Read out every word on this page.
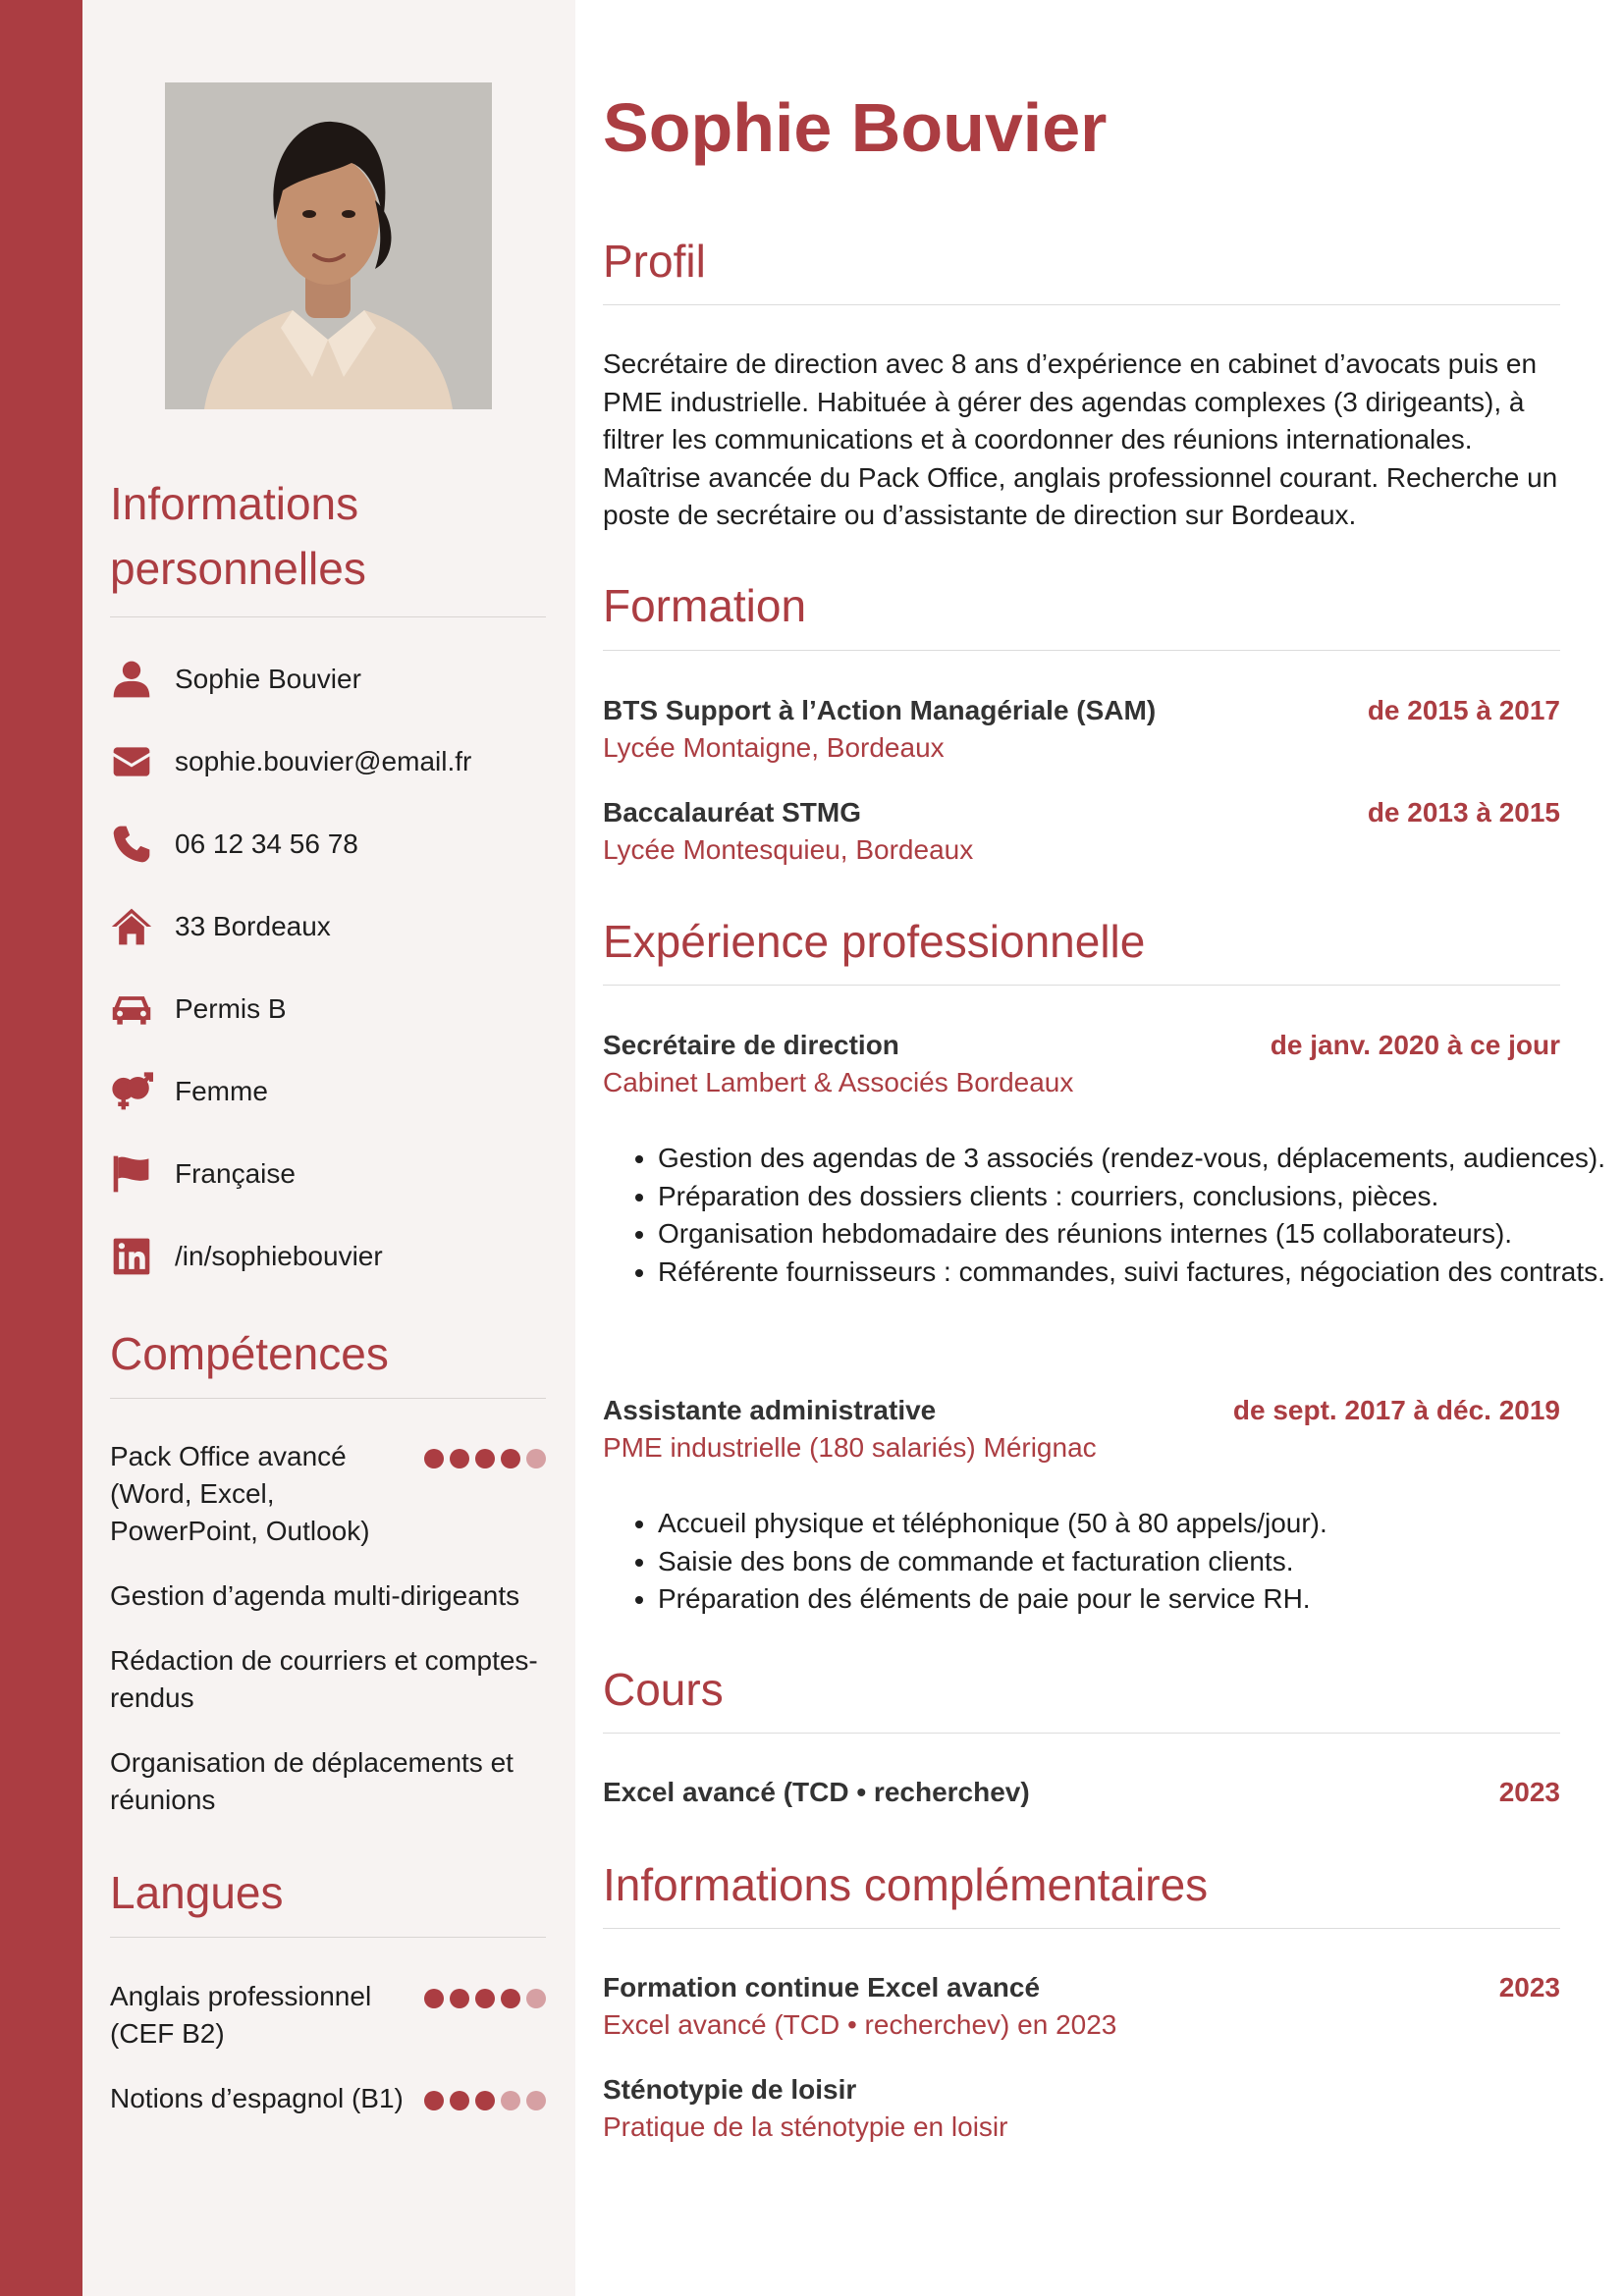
Informations personnelles
Sophie Bouvier
sophie.bouvier@email.fr
06 12 34 56 78
33 Bordeaux
Permis B
Femme
Française
/in/sophiebouvier
Compétences
Pack Office avancé (Word, Excel, PowerPoint, Outlook)
Gestion d’agenda multi-dirigeants
Rédaction de courriers et comptes-rendus
Organisation de déplacements et réunions
Langues
Anglais professionnel (CEF B2)
Notions d’espagnol (B1)
Sophie Bouvier
Profil

Secrétaire de direction avec 8 ans d’expérience en cabinet d’avocats puis en PME industrielle. Habituée à gérer des agendas complexes (3 dirigeants), à filtrer les communications et à coordonner des réunions internationales. Maîtrise avancée du Pack Office, anglais professionnel courant. Recherche un poste de secrétaire ou d’assistante de direction sur Bordeaux.

Formation
BTS Support à l’Action Managériale (SAM)	de 2015 à 2017
Lycée Montaigne, Bordeaux
Baccalauréat STMG	de 2013 à 2015
Lycée Montesquieu, Bordeaux
Expérience professionnelle
Secrétaire de direction	de janv. 2020 à ce jour
Cabinet Lambert & Associés Bordeaux
• Gestion des agendas de 3 associés (rendez-vous, déplacements, audiences).
• Préparation des dossiers clients : courriers, conclusions, pièces.
• Organisation hebdomadaire des réunions internes (15 collaborateurs).
• Référente fournisseurs : commandes, suivi factures, négociation des contrats.
Assistante administrative	de sept. 2017 à déc. 2019
PME industrielle (180 salariés) Mérignac
• Accueil physique et téléphonique (50 à 80 appels/jour).
• Saisie des bons de commande et facturation clients.
• Préparation des éléments de paie pour le service RH.
Cours
Excel avancé (TCD • recherchev)	2023
Informations complémentaires
Formation continue Excel avancé	2023
Excel avancé (TCD • recherchev) en 2023
Sténotypie de loisir
Pratique de la sténotypie en loisir
